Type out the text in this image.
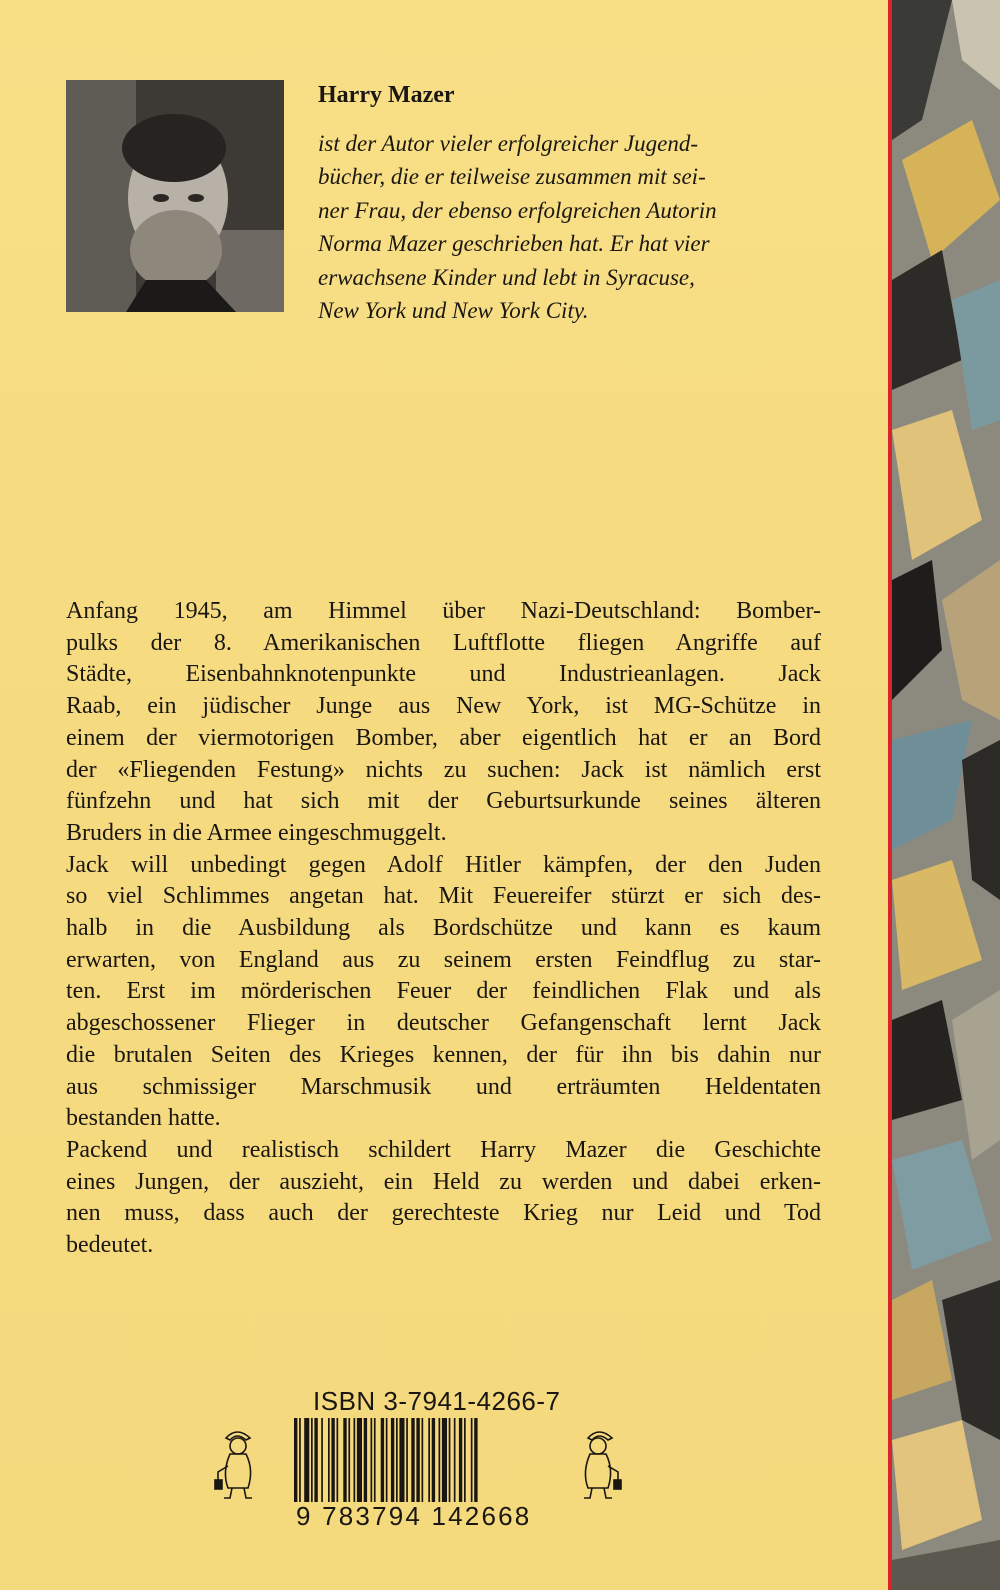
Harry Mazer

ist der Autor vieler erfolgreicher Jugend-
bücher, die er teilweise zusammen mit sei-
ner Frau, der ebenso erfolgreichen Autorin
Norma Mazer geschrieben hat. Er hat vier
erwachsene Kinder und lebt in Syracuse,
New York und New York City.

Anfang 1945, am Himmel über Nazi-Deutschland: Bomber-
pulks der 8. Amerikanischen Luftflotte fliegen Angriffe auf
Städte, Eisenbahnknotenpunkte und Industrieanlagen. Jack
Raab, ein jüdischer Junge aus New York, ist MG-Schütze in
einem der viermotorigen Bomber, aber eigentlich hat er an Bord
der «Fliegenden Festung» nichts zu suchen: Jack ist nämlich erst
fünfzehn und hat sich mit der Geburtsurkunde seines älteren
Bruders in die Armee eingeschmuggelt.
Jack will unbedingt gegen Adolf Hitler kämpfen, der den Juden
so viel Schlimmes angetan hat. Mit Feuereifer stürzt er sich des-
halb in die Ausbildung als Bordschütze und kann es kaum
erwarten, von England aus zu seinem ersten Feindflug zu star-
ten. Erst im mörderischen Feuer der feindlichen Flak und als
abgeschossener Flieger in deutscher Gefangenschaft lernt Jack
die brutalen Seiten des Krieges kennen, der für ihn bis dahin nur
aus schmissiger Marschmusik und erträumten Heldentaten
bestanden hatte.
Packend und realistisch schildert Harry Mazer die Geschichte
eines Jungen, der auszieht, ein Held zu werden und dabei erken-
nen muss, dass auch der gerechteste Krieg nur Leid und Tod
bedeutet.

ISBN 3-7941-4266-7
9 783794 142668
